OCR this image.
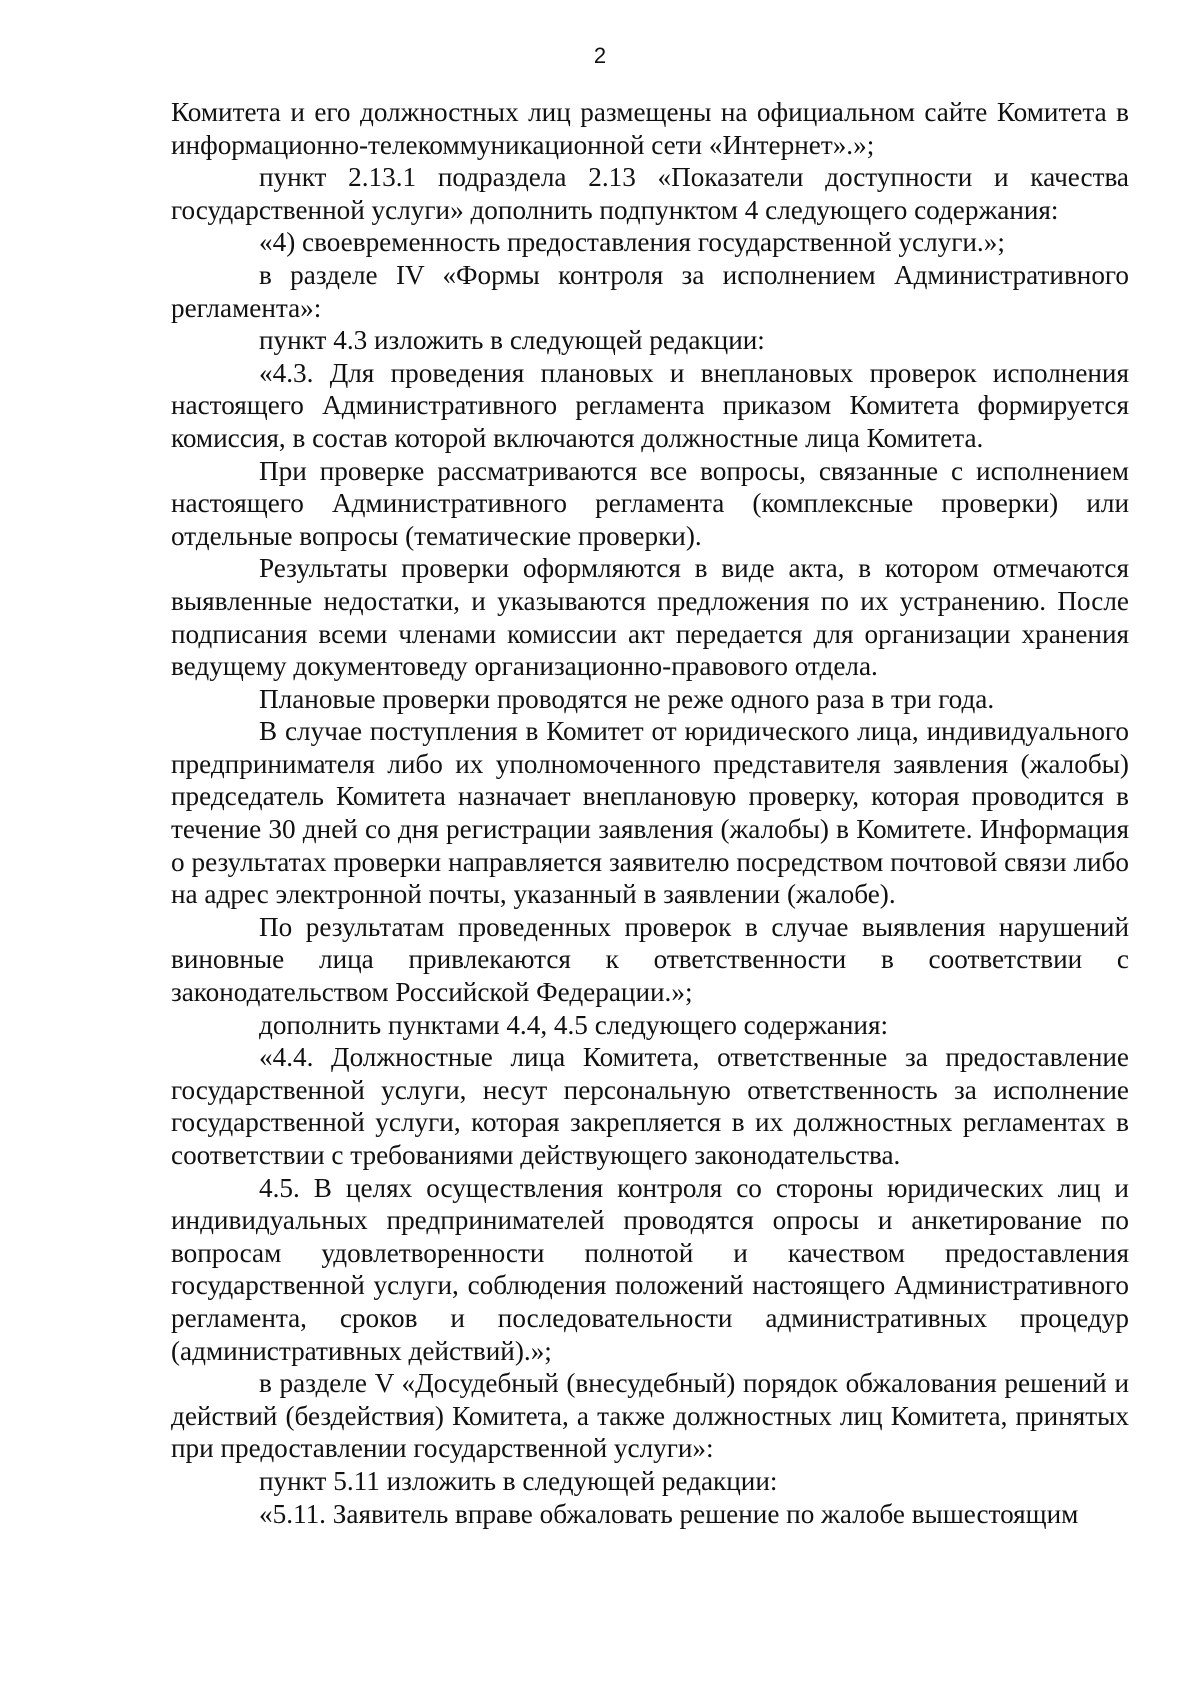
2

Комитета и его должностных лиц размещены на официальном сайте Комитета в информационно-телекоммуникационной сети «Интернет».»;

пункт 2.13.1 подраздела 2.13 «Показатели доступности и качества государственной услуги» дополнить подпунктом 4 следующего содержания:

«4) своевременность предоставления государственной услуги.»;

в разделе IV «Формы контроля за исполнением Административного регламента»:

пункт 4.3 изложить в следующей редакции:

«4.3. Для проведения плановых и внеплановых проверок исполнения настоящего Административного регламента приказом Комитета формируется комиссия, в состав которой включаются должностные лица Комитета.

При проверке рассматриваются все вопросы, связанные с исполнением настоящего Административного регламента (комплексные проверки) или отдельные вопросы (тематические проверки).

Результаты проверки оформляются в виде акта, в котором отмечаются выявленные недостатки, и указываются предложения по их устранению. После подписания всеми членами комиссии акт передается для организации хранения ведущему документоведу организационно-правового отдела.

Плановые проверки проводятся не реже одного раза в три года.

В случае поступления в Комитет от юридического лица, индивидуального предпринимателя либо их уполномоченного представителя заявления (жалобы) председатель Комитета назначает внеплановую проверку, которая проводится в течение 30 дней со дня регистрации заявления (жалобы) в Комитете. Информация о результатах проверки направляется заявителю посредством почтовой связи либо на адрес электронной почты, указанный в заявлении (жалобе).

По результатам проведенных проверок в случае выявления нарушений виновные лица привлекаются к ответственности в соответствии с законодательством Российской Федерации.»;

дополнить пунктами 4.4, 4.5 следующего содержания:

«4.4. Должностные лица Комитета, ответственные за предоставление государственной услуги, несут персональную ответственность за исполнение государственной услуги, которая закрепляется в их должностных регламентах в соответствии с требованиями действующего законодательства.

4.5. В целях осуществления контроля со стороны юридических лиц и индивидуальных предпринимателей проводятся опросы и анкетирование по вопросам удовлетворенности полнотой и качеством предоставления государственной услуги, соблюдения положений настоящего Административного регламента, сроков и последовательности административных процедур (административных действий).»;

в разделе V «Досудебный (внесудебный) порядок обжалования решений и действий (бездействия) Комитета, а также должностных лиц Комитета, принятых при предоставлении государственной услуги»:

пункт 5.11 изложить в следующей редакции:

«5.11. Заявитель вправе обжаловать решение по жалобе вышестоящим
